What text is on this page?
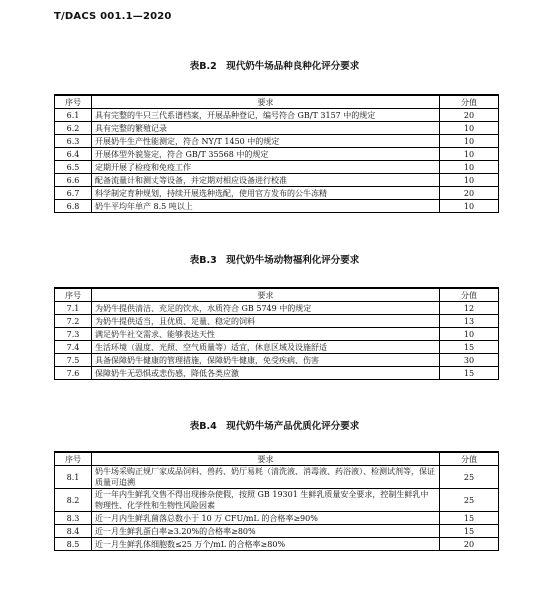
T/DACS 001.1—2020
表B.2　现代奶牛场品种良种化评分要求
序号	要求	分值
6.1	具有完整的牛只三代系谱档案，开展品种登记，编号符合 GB/T 3157 中的规定	20
6.2	具有完整的繁殖记录	10
6.3	开展奶牛生产性能测定，符合 NY/T 1450 中的规定	10
6.4	开展体型外貌鉴定，符合 GB/T 35568 中的规定	10
6.5	定期开展了检疫和免疫工作	10
6.6	配备流量计和测丈等设备，并定期对相应设备进行校准	10
6.7	科学制定育种规划，持续开展选种选配，使用官方发布的公牛冻精	20
6.8	奶牛平均年单产 8.5 吨以上	10
表B.3　现代奶牛场动物福利化评分要求
序号	要求	分值
7.1	为奶牛提供清洁、充足的饮水，水质符合 GB 5749 中的规定	12
7.2	为奶牛提供适当，且优质、足量、稳定的饲料	13
7.3	满足奶牛社交需求、能够表达天性	10
7.4	生活环境（温度、光照、空气质量等）适宜，休息区域及设施舒适	15
7.5	具备保障奶牛健康的管理措施，保障奶牛健康，免受疾病、伤害	30
7.6	保障奶牛无恐惧或悲伤感，降低各类应激	15
表B.4　现代奶牛场产品优质化评分要求
序号	要求	分值
8.1	奶牛场采购正规厂家成品饲料、兽药、奶厅易耗（清洗液、消毒液、药浴液）、检测试剂等，保证质量可追溯	25
8.2	近一年内生鲜乳交售不得出现掺杂使假，按照 GB 19301 生鲜乳质量安全要求，控制生鲜乳中物理性、化学性和生物性风险因素	25
8.3	近一月内生鲜乳菌落总数小于 10 万 CFU/mL 的合格率≥90%	15
8.4	近一月生鲜乳蛋白率≥3.20%的合格率≥80%	15
8.5	近一月生鲜乳体细胞数≤25 万个/mL 的合格率≥80%	20
